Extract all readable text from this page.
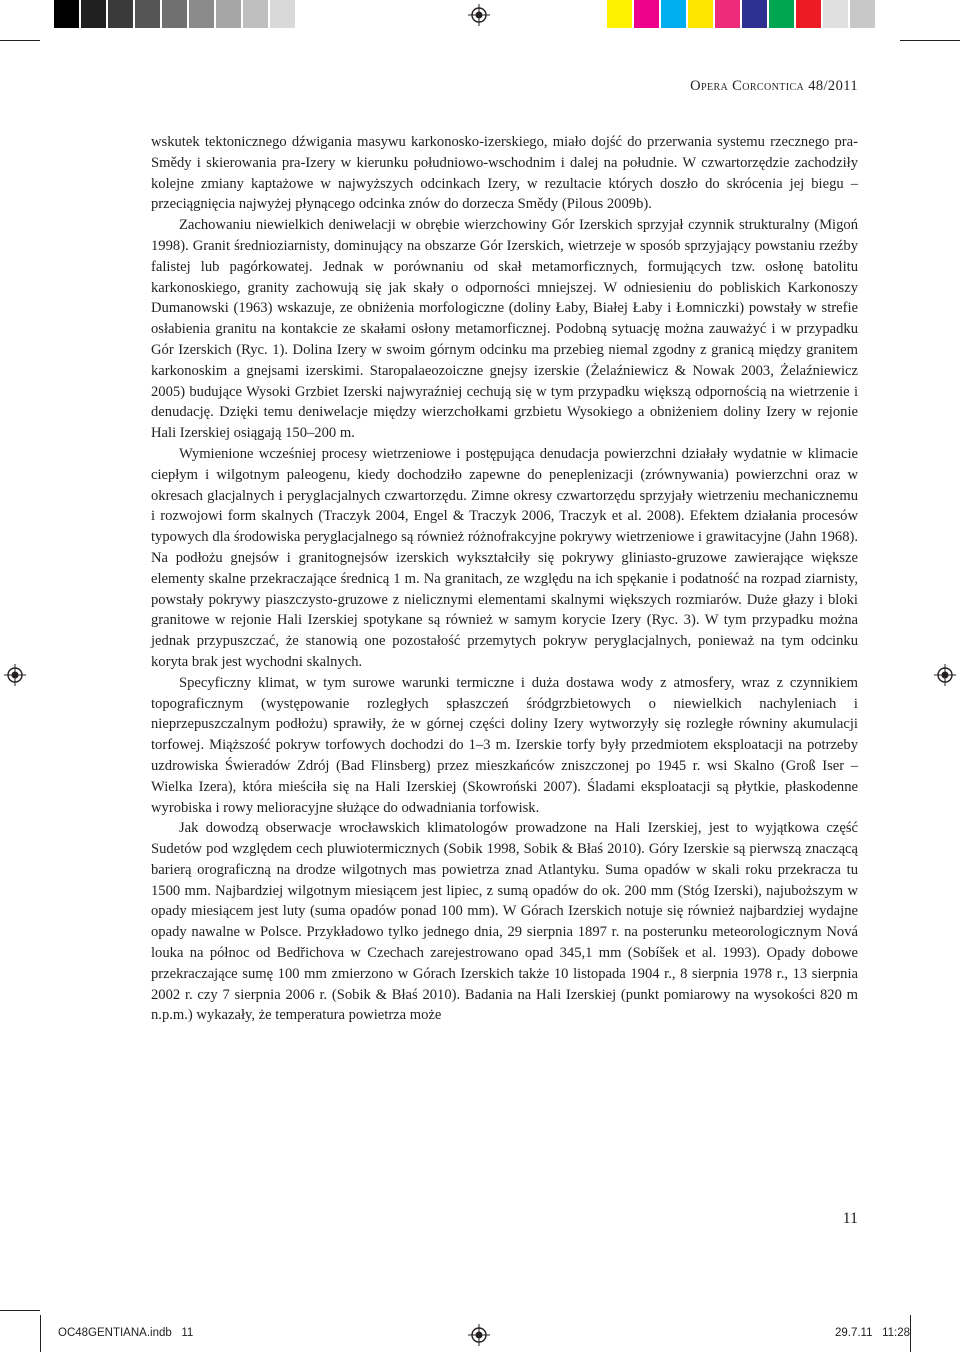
Opera Corcontica 48/2011

wskutek tektonicznego dźwigania masywu karkonosko-izerskiego, miało dojść do przerwania systemu rzecznego pra-Smědy i skierowania pra-Izery w kierunku południowo-wschodnim i dalej na południe. W czwartorzędzie zachodziły kolejne zmiany kaptażowe w najwyższych odcinkach Izery, w rezultacie których doszło do skrócenia jej biegu – przeciągnięcia najwyżej płynącego odcinka znów do dorzecza Smědy (Pilous 2009b).

Zachowaniu niewielkich deniwelacji w obrębie wierzchowiny Gór Izerskich sprzyjał czynnik strukturalny (Migoń 1998). Granit średnioziarnisty, dominujący na obszarze Gór Izerskich, wietrzeje w sposób sprzyjający powstaniu rzeźby falistej lub pagórkowatej. Jednak w porównaniu od skał metamorficznych, formujących tzw. osłonę batolitu karkonoskiego, granity zachowują się jak skały o odporności mniejszej. W odniesieniu do pobliskich Karkonoszy Dumanowski (1963) wskazuje, ze obniżenia morfologiczne (doliny Łaby, Białej Łaby i Łomniczki) powstały w strefie osłabienia granitu na kontakcie ze skałami osłony metamorficznej. Podobną sytuację można zauważyć i w przypadku Gór Izerskich (Ryc. 1). Dolina Izery w swoim górnym odcinku ma przebieg niemal zgodny z granicą między granitem karkonoskim a gnejsami izerskimi. Staropalaeozoiczne gnejsy izerskie (Żelaźniewicz & Nowak 2003, Żelaźniewicz 2005) budujące Wysoki Grzbiet Izerski najwyraźniej cechują się w tym przypadku większą odpornością na wietrzenie i denudację. Dzięki temu deniwelacje między wierzchołkami grzbietu Wysokiego a obniżeniem doliny Izery w rejonie Hali Izerskiej osiągają 150–200 m.

Wymienione wcześniej procesy wietrzeniowe i postępująca denudacja powierzchni działały wydatnie w klimacie ciepłym i wilgotnym paleogenu, kiedy dochodziło zapewne do peneplenizacji (zrównywania) powierzchni oraz w okresach glacjalnych i peryglacjalnych czwartorzędu. Zimne okresy czwartorzędu sprzyjały wietrzeniu mechanicznemu i rozwojowi form skalnych (Traczyk 2004, Engel & Traczyk 2006, Traczyk et al. 2008). Efektem działania procesów typowych dla środowiska peryglacjalnego są również różnofrakcyjne pokrywy wietrzeniowe i grawitacyjne (Jahn 1968). Na podłożu gnejsów i granitognejsów izerskich wykształciły się pokrywy gliniasto-gruzowe zawierające większe elementy skalne przekraczające średnicą 1 m. Na granitach, ze względu na ich spękanie i podatność na rozpad ziarnisty, powstały pokrywy piaszczysto-gruzowe z nielicznymi elementami skalnymi większych rozmiarów. Duże głazy i bloki granitowe w rejonie Hali Izerskiej spotykane są również w samym korycie Izery (Ryc. 3). W tym przypadku można jednak przypuszczać, że stanowią one pozostałość przemytych pokryw peryglacjalnych, ponieważ na tym odcinku koryta brak jest wychodni skalnych.

Specyficzny klimat, w tym surowe warunki termiczne i duża dostawa wody z atmosfery, wraz z czynnikiem topograficznym (występowanie rozległych spłaszczeń śródgrzbietowych o niewielkich nachyleniach i nieprzepuszczalnym podłożu) sprawiły, że w górnej części doliny Izery wytworzyły się rozległe równiny akumulacji torfowej. Miąższość pokryw torfowych dochodzi do 1–3 m. Izerskie torfy były przedmiotem eksploatacji na potrzeby uzdrowiska Świeradów Zdrój (Bad Flinsberg) przez mieszkańców zniszczonej po 1945 r. wsi Skalno (Groß Iser – Wielka Izera), która mieściła się na Hali Izerskiej (Skowroński 2007). Śladami eksploatacji są płytkie, płaskodenne wyrobiska i rowy melioracyjne służące do odwadniania torfowisk.

Jak dowodzą obserwacje wrocławskich klimatologów prowadzone na Hali Izerskiej, jest to wyjątkowa część Sudetów pod względem cech pluwiotermicznych (Sobik 1998, Sobik & Błaś 2010). Góry Izerskie są pierwszą znaczącą barierą orograficzną na drodze wilgotnych mas powietrza znad Atlantyku. Suma opadów w skali roku przekracza tu 1500 mm. Najbardziej wilgotnym miesiącem jest lipiec, z sumą opadów do ok. 200 mm (Stóg Izerski), najuboższym w opady miesiącem jest luty (suma opadów ponad 100 mm). W Górach Izerskich notuje się również najbardziej wydajne opady nawalne w Polsce. Przykładowo tylko jednego dnia, 29 sierpnia 1897 r. na posterunku meteorologicznym Nová louka na północ od Bedřichova w Czechach zarejestrowano opad 345,1 mm (Sobíšek et al. 1993). Opady dobowe przekraczające sumę 100 mm zmierzono w Górach Izerskich także 10 listopada 1904 r., 8 sierpnia 1978 r., 13 sierpnia 2002 r. czy 7 sierpnia 2006 r. (Sobik & Błaś 2010). Badania na Hali Izerskiej (punkt pomiarowy na wysokości 820 m n.p.m.) wykazały, że temperatura powietrza może

11
OC48GENTIANA.indb   11	29.7.11   11:28
